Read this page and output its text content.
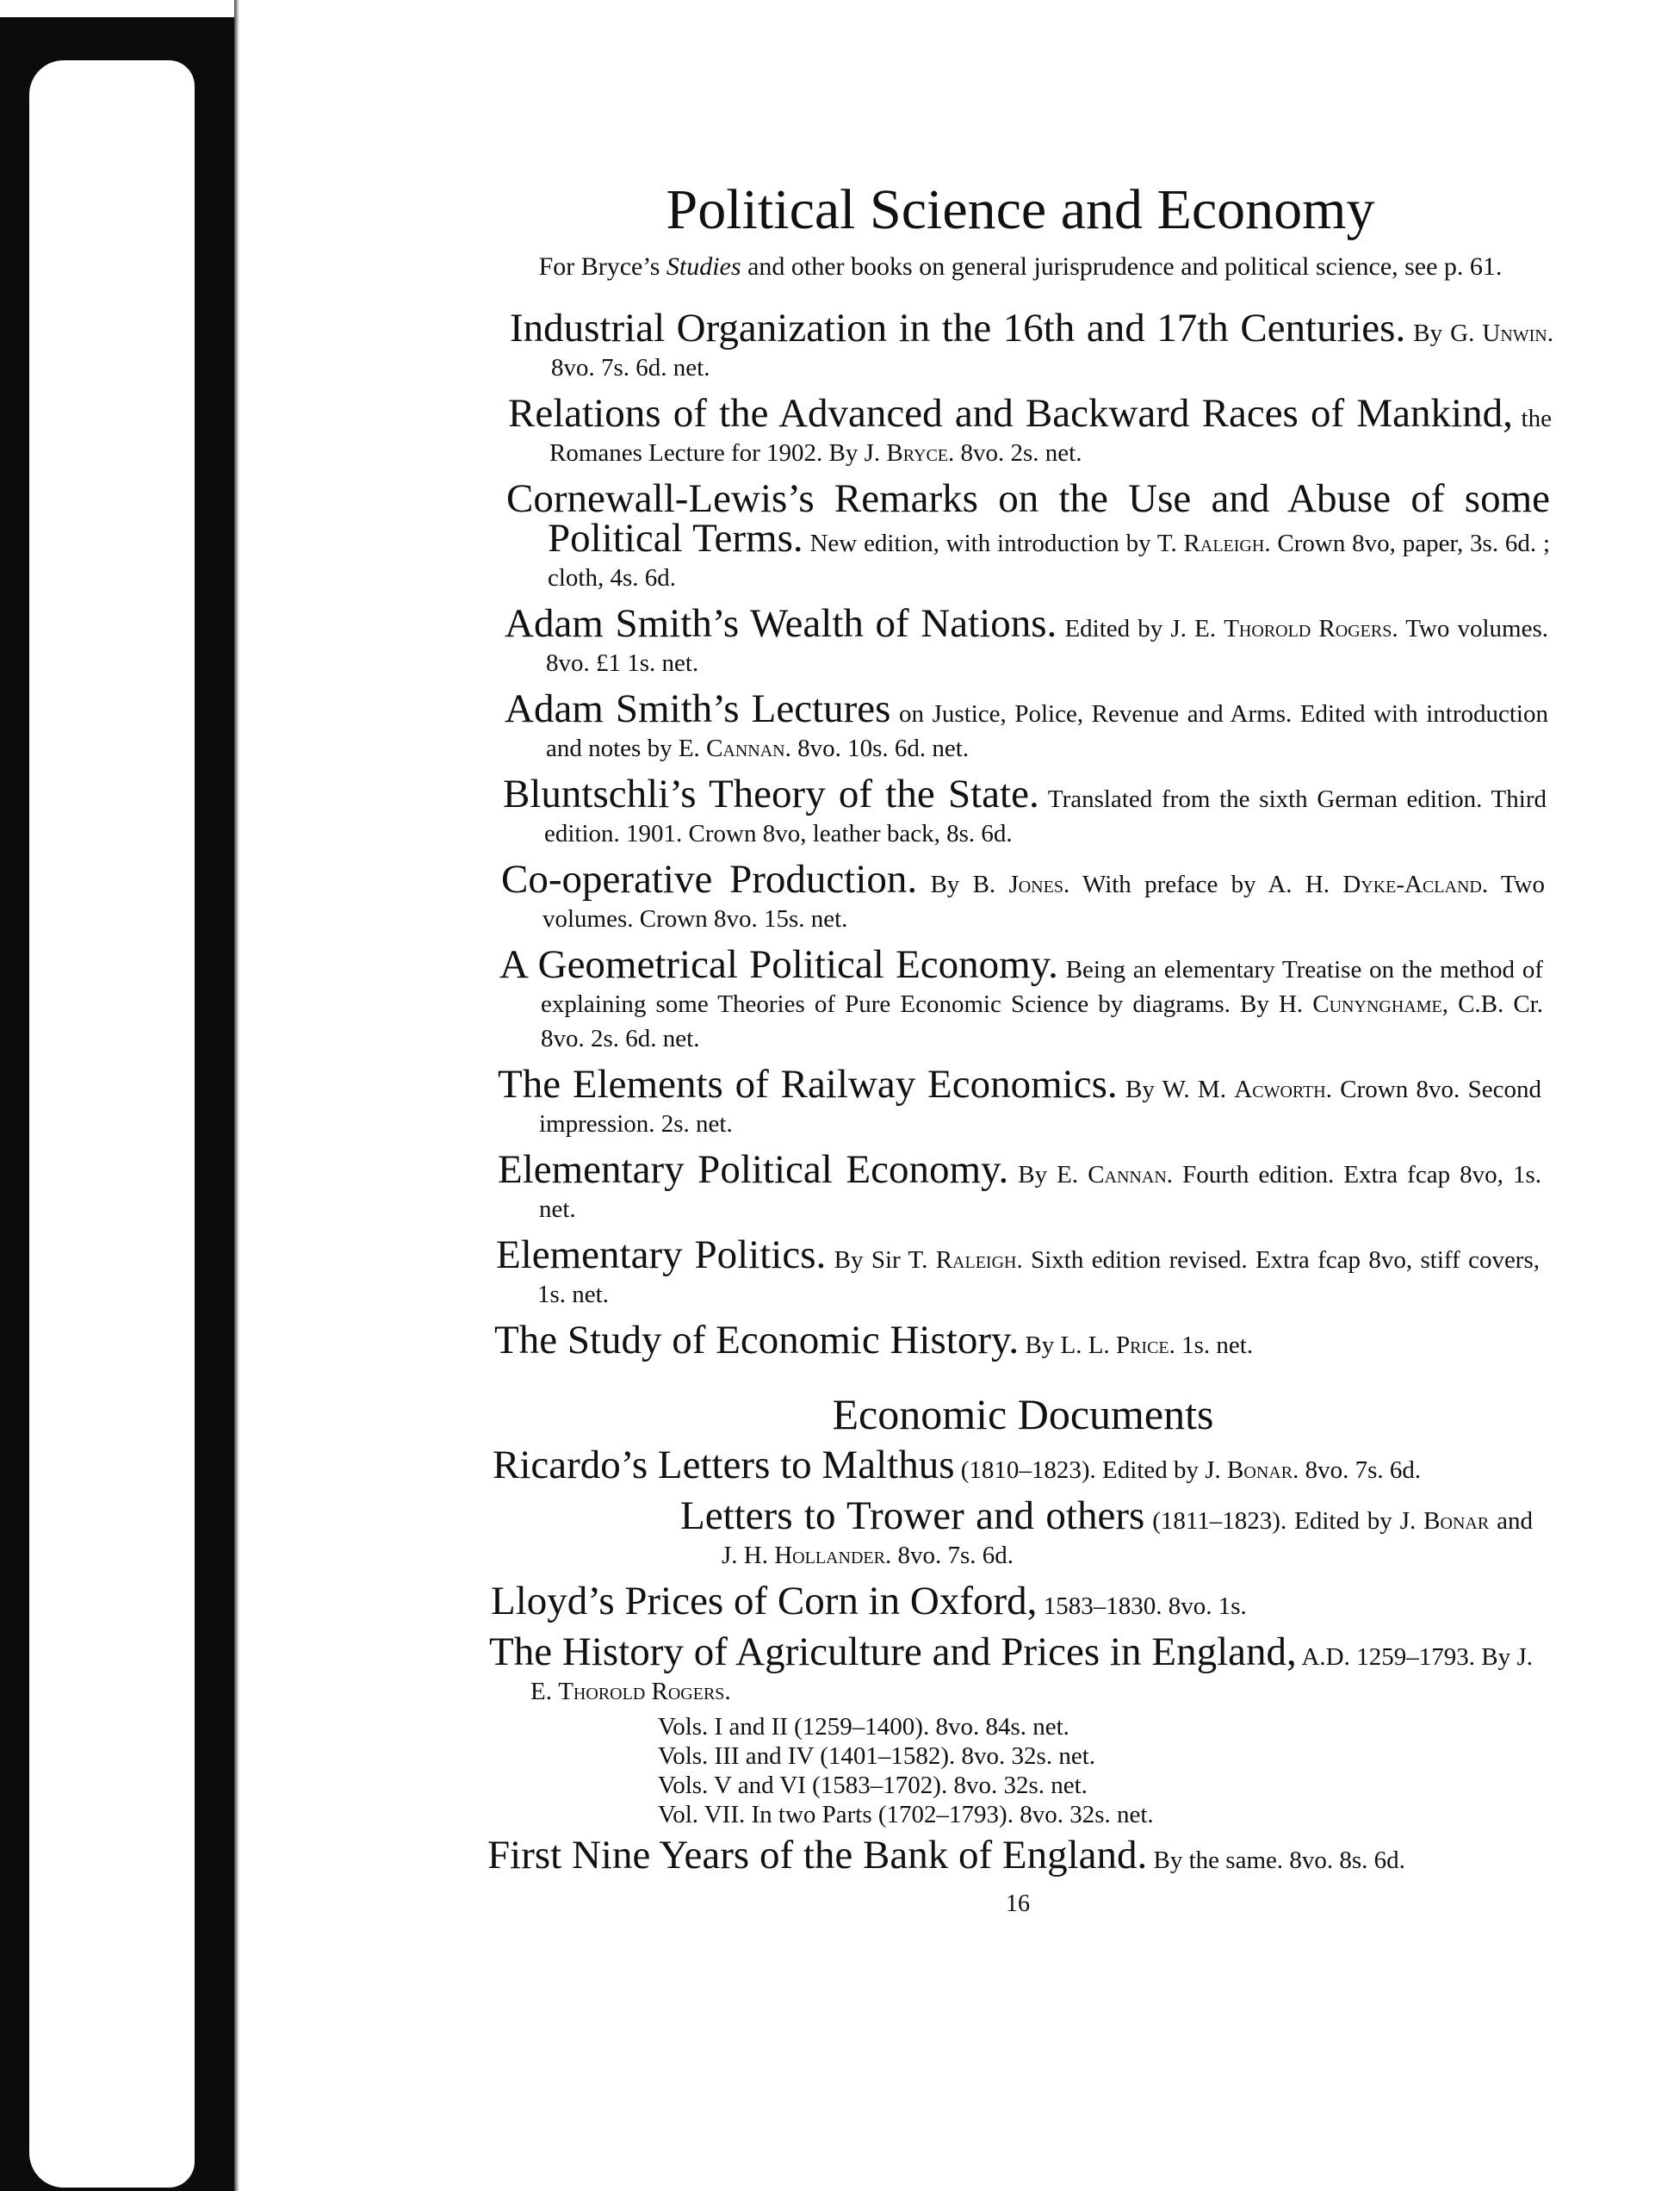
Political Science and Economy
For Bryce’s Studies and other books on general jurisprudence and political science, see p. 61.
Industrial Organization in the 16th and 17th Centuries. By G. Unwin. 8vo. 7s. 6d. net.
Relations of the Advanced and Backward Races of Mankind, the Romanes Lecture for 1902. By J. Bryce. 8vo. 2s. net.
Cornewall-Lewis’s Remarks on the Use and Abuse of some Political Terms. New edition, with introduction by T. Raleigh. Crown 8vo, paper, 3s. 6d. ; cloth, 4s. 6d.
Adam Smith’s Wealth of Nations. Edited by J. E. Thorold Rogers. Two volumes. 8vo. £1 1s. net.
Adam Smith’s Lectures on Justice, Police, Revenue and Arms. Edited with introduction and notes by E. Cannan. 8vo. 10s. 6d. net.
Bluntschli’s Theory of the State. Translated from the sixth German edition. Third edition. 1901. Crown 8vo, leather back, 8s. 6d.
Co-operative Production. By B. Jones. With preface by A. H. Dyke-Acland. Two volumes. Crown 8vo. 15s. net.
A Geometrical Political Economy. Being an elementary Treatise on the method of explaining some Theories of Pure Economic Science by diagrams. By H. Cunynghame, C.B. Cr. 8vo. 2s. 6d. net.
The Elements of Railway Economics. By W. M. Acworth. Crown 8vo. Second impression. 2s. net.
Elementary Political Economy. By E. Cannan. Fourth edition. Extra fcap 8vo, 1s. net.
Elementary Politics. By Sir T. Raleigh. Sixth edition revised. Extra fcap 8vo, stiff covers, 1s. net.
The Study of Economic History. By L. L. Price. 1s. net.
Economic Documents
Ricardo’s Letters to Malthus (1810–1823). Edited by J. Bonar. 8vo. 7s. 6d.
Letters to Trower and others (1811–1823). Edited by J. Bonar and J. H. Hollander. 8vo. 7s. 6d.
Lloyd’s Prices of Corn in Oxford, 1583–1830. 8vo. 1s.
The History of Agriculture and Prices in England, A.D. 1259–1793. By J. E. Thorold Rogers.
Vols. I and II (1259–1400). 8vo. 84s. net.
Vols. III and IV (1401–1582). 8vo. 32s. net.
Vols. V and VI (1583–1702). 8vo. 32s. net.
Vol. VII. In two Parts (1702–1793). 8vo. 32s. net.
First Nine Years of the Bank of England. By the same. 8vo. 8s. 6d.
16
